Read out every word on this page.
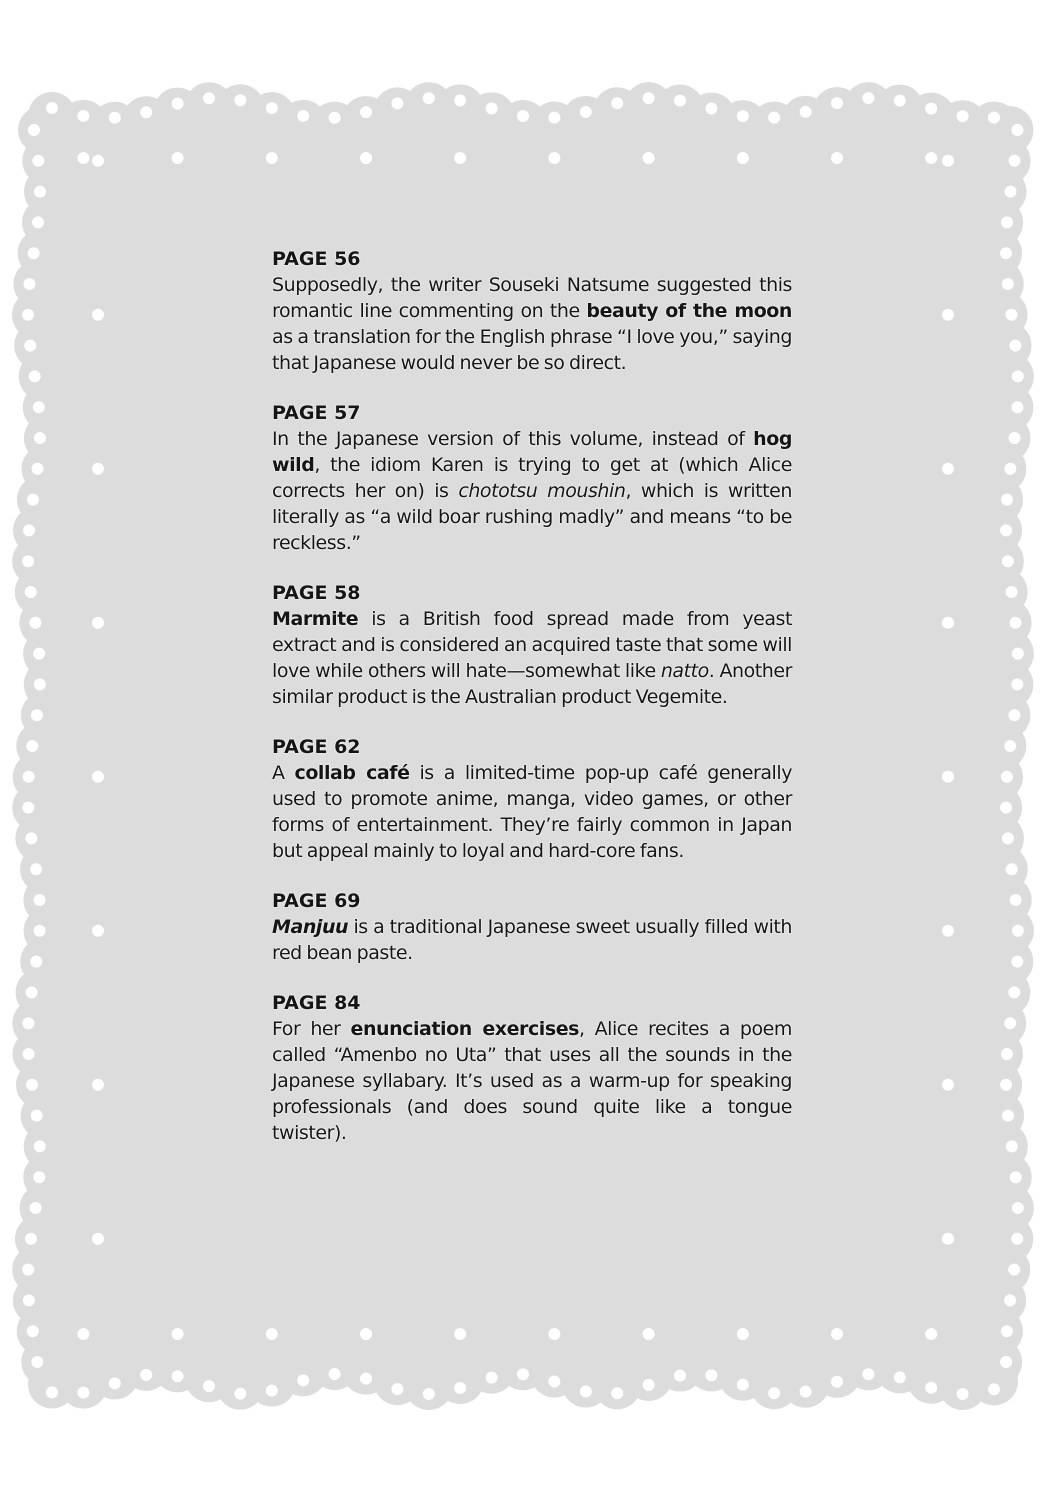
PAGE 56

Supposedly, the writer Souseki Natsume suggested this romantic line commenting on the beauty of the moon as a translation for the English phrase “I love you,” saying that Japanese would never be so direct.

PAGE 57

In the Japanese version of this volume, instead of hog wild, the idiom Karen is trying to get at (which Alice corrects her on) is chototsu moushin, which is written literally as “a wild boar rushing madly” and means “to be reckless.”

PAGE 58

Marmite is a British food spread made from yeast extract and is considered an acquired taste that some will love while others will hate—somewhat like natto. Another similar product is the Australian product Vegemite.

PAGE 62

A collab café is a limited-time pop-up café generally used to promote anime, manga, video games, or other forms of entertainment. They’re fairly common in Japan but appeal mainly to loyal and hard-core fans.

PAGE 69

Manjuu is a traditional Japanese sweet usually filled with red bean paste.

PAGE 84

For her enunciation exercises, Alice recites a poem called “Amenbo no Uta” that uses all the sounds in the Japanese syllabary. It’s used as a warm-up for speaking professionals (and does sound quite like a tongue twister).
